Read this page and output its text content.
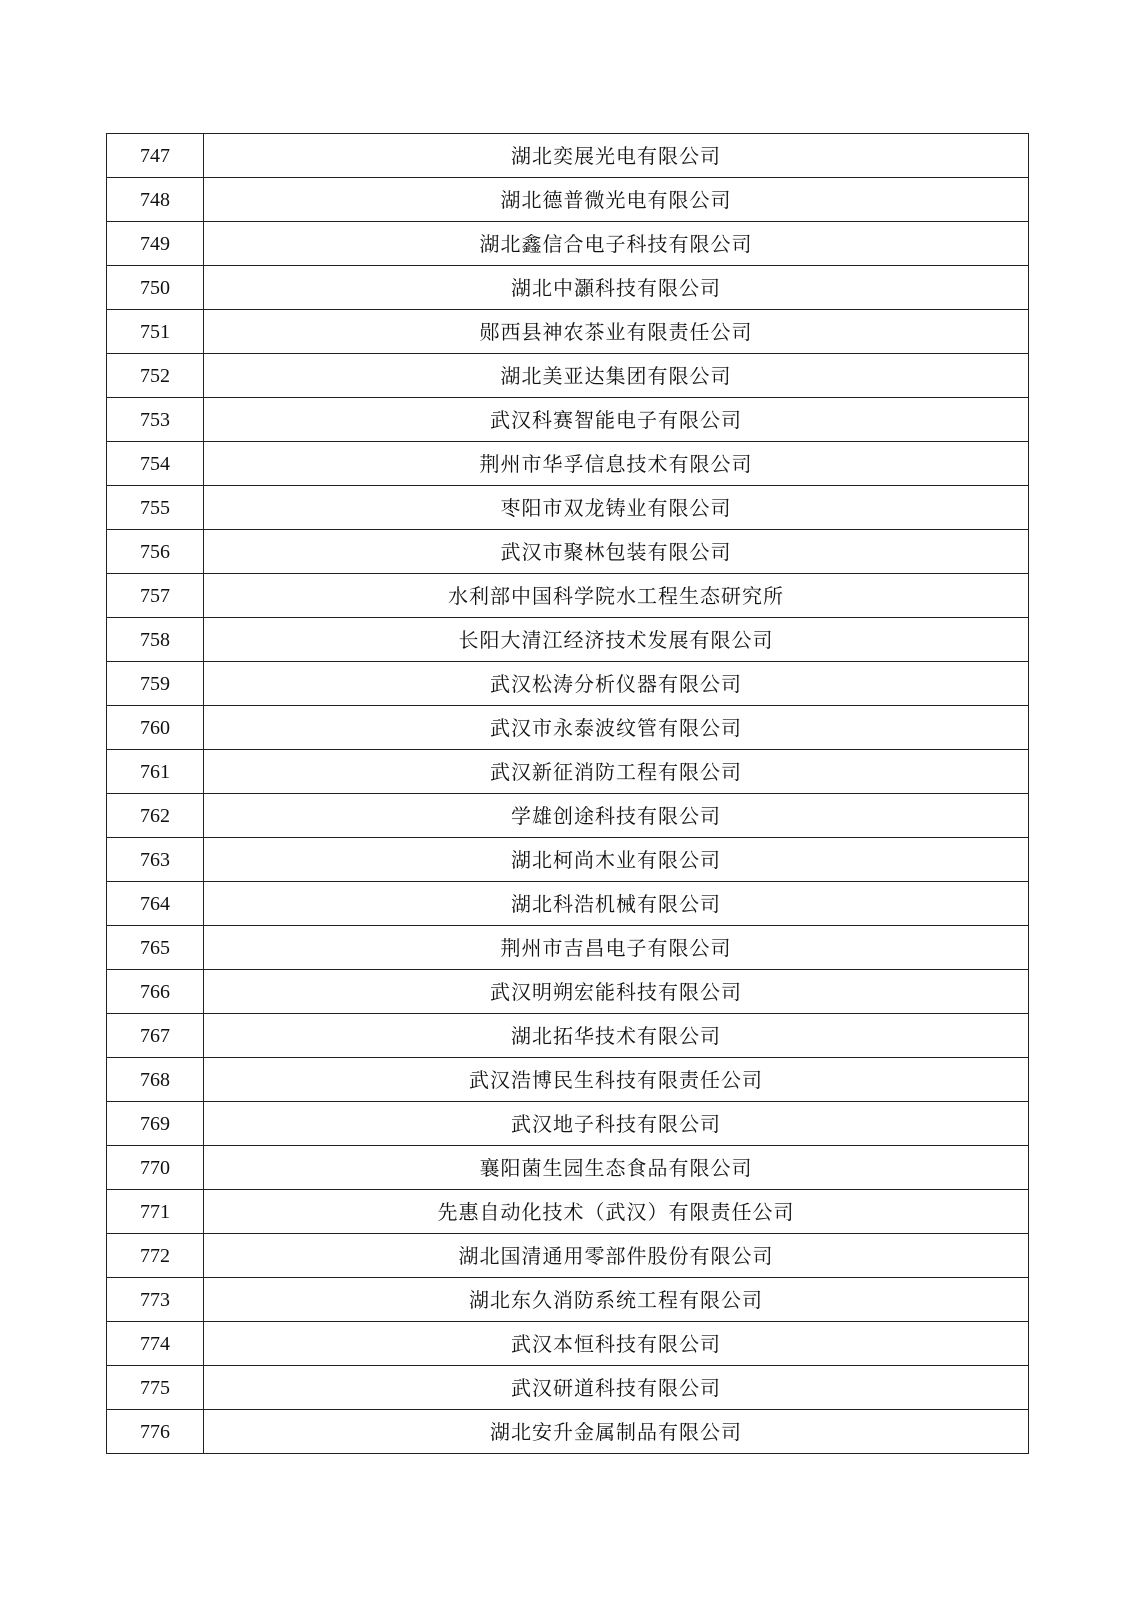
747	湖北奕展光电有限公司
748	湖北德普微光电有限公司
749	湖北鑫信合电子科技有限公司
750	湖北中灝科技有限公司
751	郧西县神农茶业有限责任公司
752	湖北美亚达集团有限公司
753	武汉科赛智能电子有限公司
754	荆州市华孚信息技术有限公司
755	枣阳市双龙铸业有限公司
756	武汉市聚林包装有限公司
757	水利部中国科学院水工程生态研究所
758	长阳大清江经济技术发展有限公司
759	武汉松涛分析仪器有限公司
760	武汉市永泰波纹管有限公司
761	武汉新征消防工程有限公司
762	学雄创途科技有限公司
763	湖北柯尚木业有限公司
764	湖北科浩机械有限公司
765	荆州市吉昌电子有限公司
766	武汉明朔宏能科技有限公司
767	湖北拓华技术有限公司
768	武汉浩博民生科技有限责任公司
769	武汉地子科技有限公司
770	襄阳菌生园生态食品有限公司
771	先惠自动化技术（武汉）有限责任公司
772	湖北国清通用零部件股份有限公司
773	湖北东久消防系统工程有限公司
774	武汉本恒科技有限公司
775	武汉研道科技有限公司
776	湖北安升金属制品有限公司
